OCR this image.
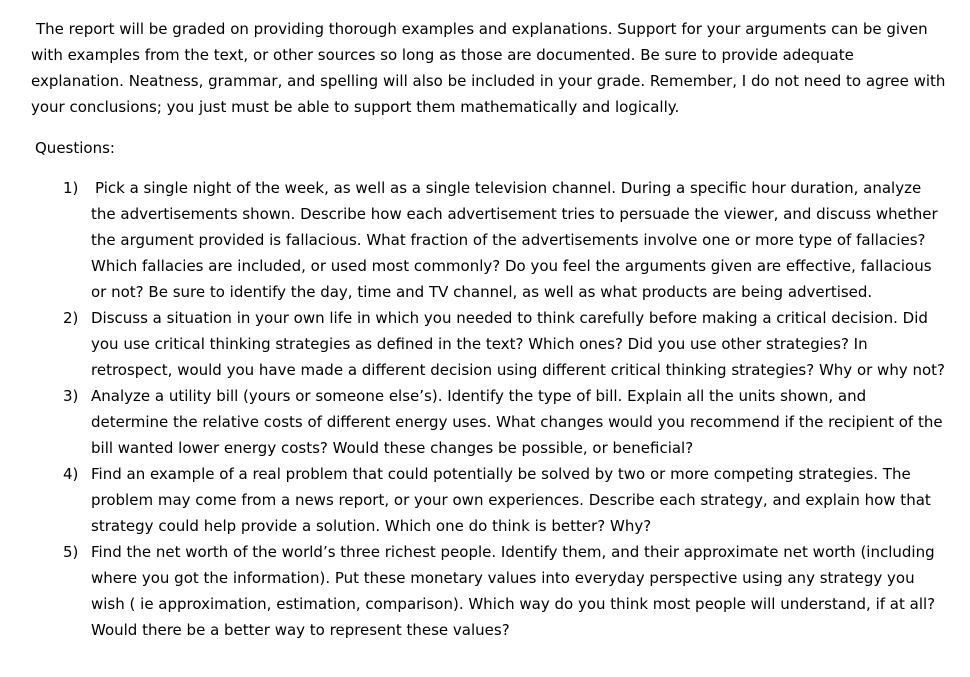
The report will be graded on providing thorough examples and explanations. Support for your arguments can be given with examples from the text, or other sources so long as those are documented. Be sure to provide adequate explanation. Neatness, grammar, and spelling will also be included in your grade. Remember, I do not need to agree with your conclusions; you just must be able to support them mathematically and logically.

Questions:
1)	Pick a single night of the week, as well as a single television channel. During a specific hour duration, analyze the advertisements shown. Describe how each advertisement tries to persuade the viewer, and discuss whether the argument provided is fallacious. What fraction of the advertisements involve one or more type of fallacies? Which fallacies are included, or used most commonly? Do you feel the arguments given are effective, fallacious or not? Be sure to identify the day, time and TV channel, as well as what products are being advertised.
2) Discuss a situation in your own life in which you needed to think carefully before making a critical decision. Did you use critical thinking strategies as defined in the text? Which ones? Did you use other strategies? In retrospect, would you have made a different decision using different critical thinking strategies? Why or why not?
3) Analyze a utility bill (yours or someone else’s). Identify the type of bill. Explain all the units shown, and determine the relative costs of different energy uses. What changes would you recommend if the recipient of the bill wanted lower energy costs? Would these changes be possible, or beneficial?
4) Find an example of a real problem that could potentially be solved by two or more competing strategies. The problem may come from a news report, or your own experiences. Describe each strategy, and explain how that strategy could help provide a solution. Which one do think is better? Why?
5) Find the net worth of the world’s three richest people. Identify them, and their approximate net worth (including where you got the information). Put these monetary values into everyday perspective using any strategy you wish ( ie approximation, estimation, comparison). Which way do you think most people will understand, if at all? Would there be a better way to represent these values?
